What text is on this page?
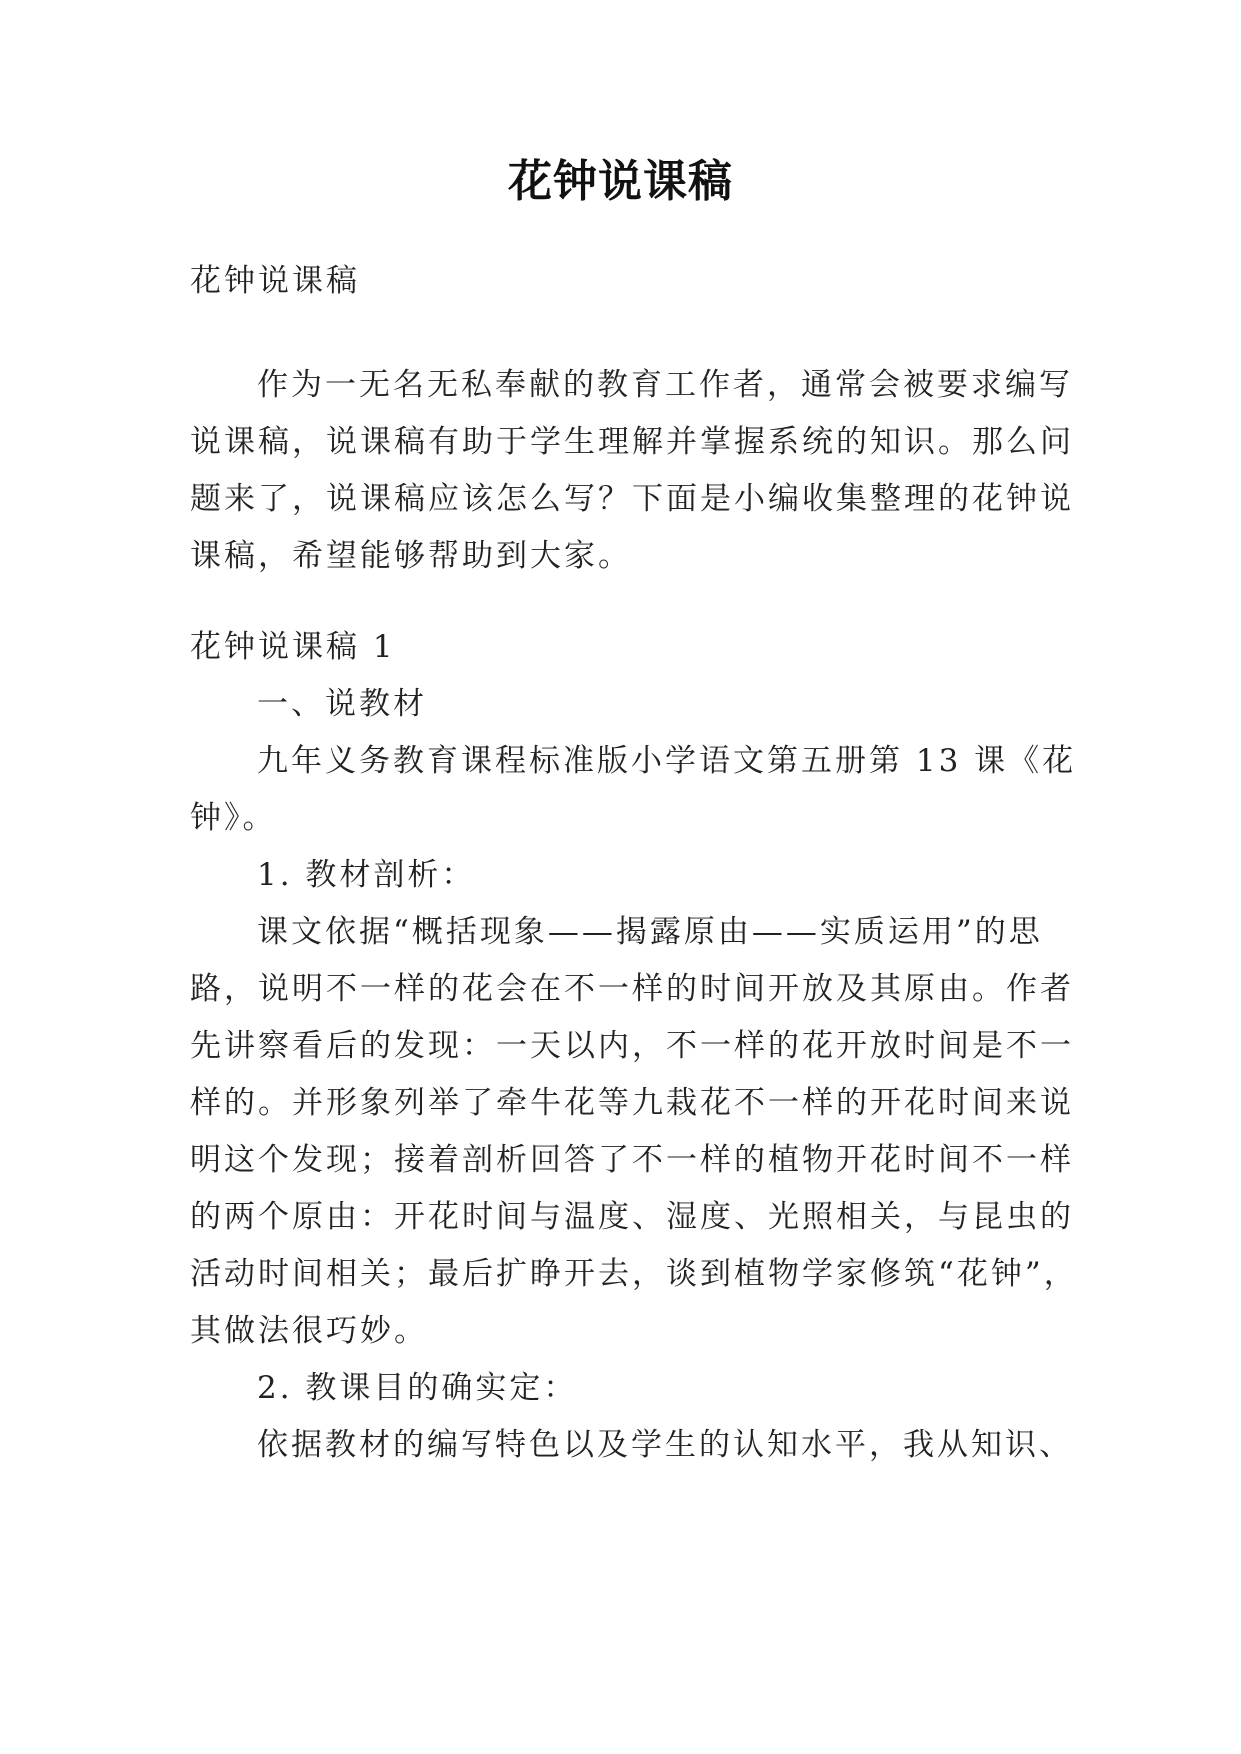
花钟说课稿
花钟说课稿
作为一无名无私奉献的教育工作者，通常会被要求编写
说课稿，说课稿有助于学生理解并掌握系统的知识。那么问
题来了，说课稿应该怎么写？下面是小编收集整理的花钟说
课稿，希望能够帮助到大家。
花钟说课稿 1
一、说教材
九年义务教育课程标准版小学语文第五册第 13 课《花
钟》。
1. 教材剖析：
课文依据“概括现象——揭露原由——实质运用”的思
路，说明不一样的花会在不一样的时间开放及其原由。作者
先讲察看后的发现：一天以内，不一样的花开放时间是不一
样的。并形象列举了牵牛花等九栽花不一样的开花时间来说
明这个发现；接着剖析回答了不一样的植物开花时间不一样
的两个原由：开花时间与温度、湿度、光照相关，与昆虫的
活动时间相关；最后扩睁开去，谈到植物学家修筑“花钟”，
其做法很巧妙。
2. 教课目的确实定：
依据教材的编写特色以及学生的认知水平，我从知识、
